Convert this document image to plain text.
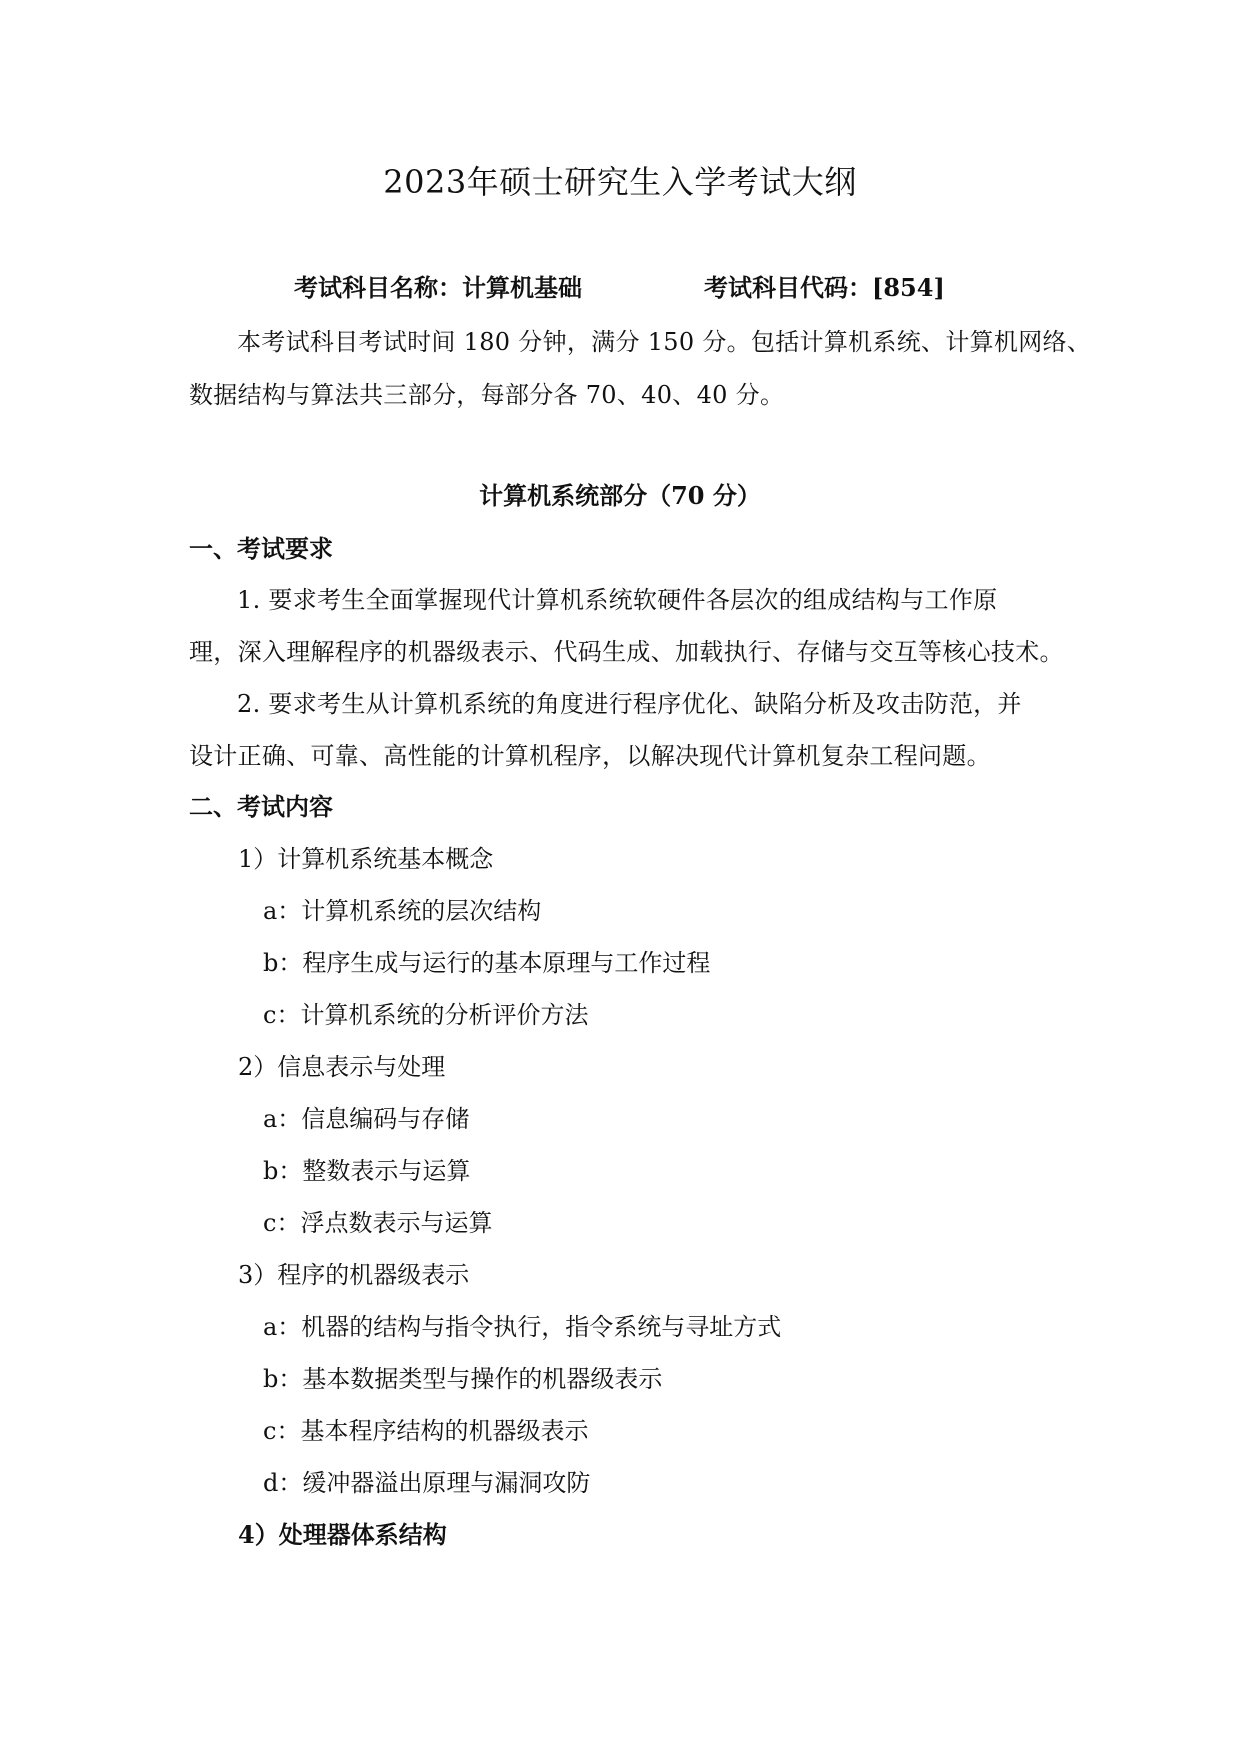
2023年硕士研究生入学考试大纲
考试科目名称：计算机基础	考试科目代码：[854]
本考试科目考试时间 180 分钟，满分 150 分。包括计算机系统、计算机网络、
数据结构与算法共三部分，每部分各 70、40、40 分。
计算机系统部分（70 分）
一、考试要求
1. 要求考生全面掌握现代计算机系统软硬件各层次的组成结构与工作原
理，深入理解程序的机器级表示、代码生成、加载执行、存储与交互等核心技术。
2. 要求考生从计算机系统的角度进行程序优化、缺陷分析及攻击防范，并
设计正确、可靠、高性能的计算机程序，以解决现代计算机复杂工程问题。
二、考试内容
1）计算机系统基本概念
a：计算机系统的层次结构
b：程序生成与运行的基本原理与工作过程
c：计算机系统的分析评价方法
2）信息表示与处理
a：信息编码与存储
b：整数表示与运算
c：浮点数表示与运算
3）程序的机器级表示
a：机器的结构与指令执行，指令系统与寻址方式
b：基本数据类型与操作的机器级表示
c：基本程序结构的机器级表示
d：缓冲器溢出原理与漏洞攻防
4）处理器体系结构
